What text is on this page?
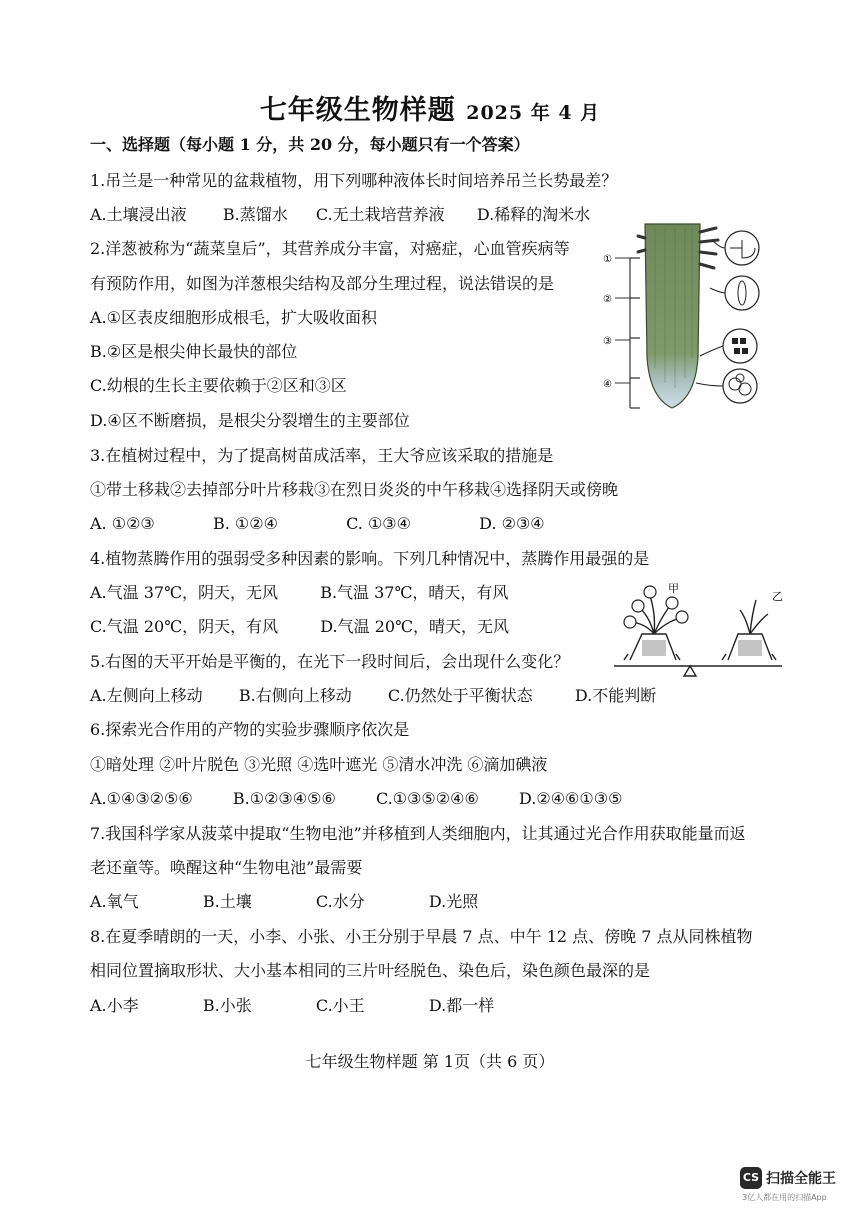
七年级生物样题 2025 年 4 月
一、选择题（每小题 1 分，共 20 分，每小题只有一个答案）
1.吊兰是一种常见的盆栽植物，用下列哪种液体长时间培养吊兰长势最差？
A.土壤浸出液 B.蒸馏水 C.无土栽培营养液 D.稀释的淘米水
2.洋葱被称为“蔬菜皇后”，其营养成分丰富，对癌症，心血管疾病等
有预防作用，如图为洋葱根尖结构及部分生理过程，说法错误的是
A.①区表皮细胞形成根毛，扩大吸收面积
B.②区是根尖伸长最快的部位
C.幼根的生长主要依赖于②区和③区
D.④区不断磨损，是根尖分裂增生的主要部位
①
②
③
④
3.在植树过程中，为了提高树苗成活率，王大爷应该采取的措施是
①带土移栽②去掉部分叶片移栽③在烈日炎炎的中午移栽④选择阴天或傍晚
A. ①②③	B. ①②④	C. ①③④	D. ②③④
4.植物蒸腾作用的强弱受多种因素的影响。下列几种情况中，蒸腾作用最强的是
A.气温 37℃，阴天，无风	B.气温 37℃，晴天，有风
C.气温 20℃，阴天，有风	D.气温 20℃，晴天，无风
甲
乙
5.右图的天平开始是平衡的，在光下一段时间后，会出现什么变化？
A.左侧向上移动 B.右侧向上移动 C.仍然处于平衡状态	D.不能判断
6.探索光合作用的产物的实验步骤顺序依次是
①暗处理 ②叶片脱色 ③光照 ④选叶遮光 ⑤清水冲洗 ⑥滴加碘液
A.①④③②⑤⑥	B.①②③④⑤⑥	C.①③⑤②④⑥	D.②④⑥①③⑤
7.我国科学家从菠菜中提取“生物电池”并移植到人类细胞内，让其通过光合作用获取能量而返
老还童等。唤醒这种“生物电池”最需要
A.氧气	B.土壤	C.水分	D.光照
8.在夏季晴朗的一天，小李、小张、小王分别于早晨 7 点、中午 12 点、傍晚 7 点从同株植物
相同位置摘取形状、大小基本相同的三片叶经脱色、染色后，染色颜色最深的是
A.小李	B.小张	C.小王	D.都一样
七年级生物样题 第 1页（共 6 页）
CS 扫描全能王
3亿人都在用的扫描App
